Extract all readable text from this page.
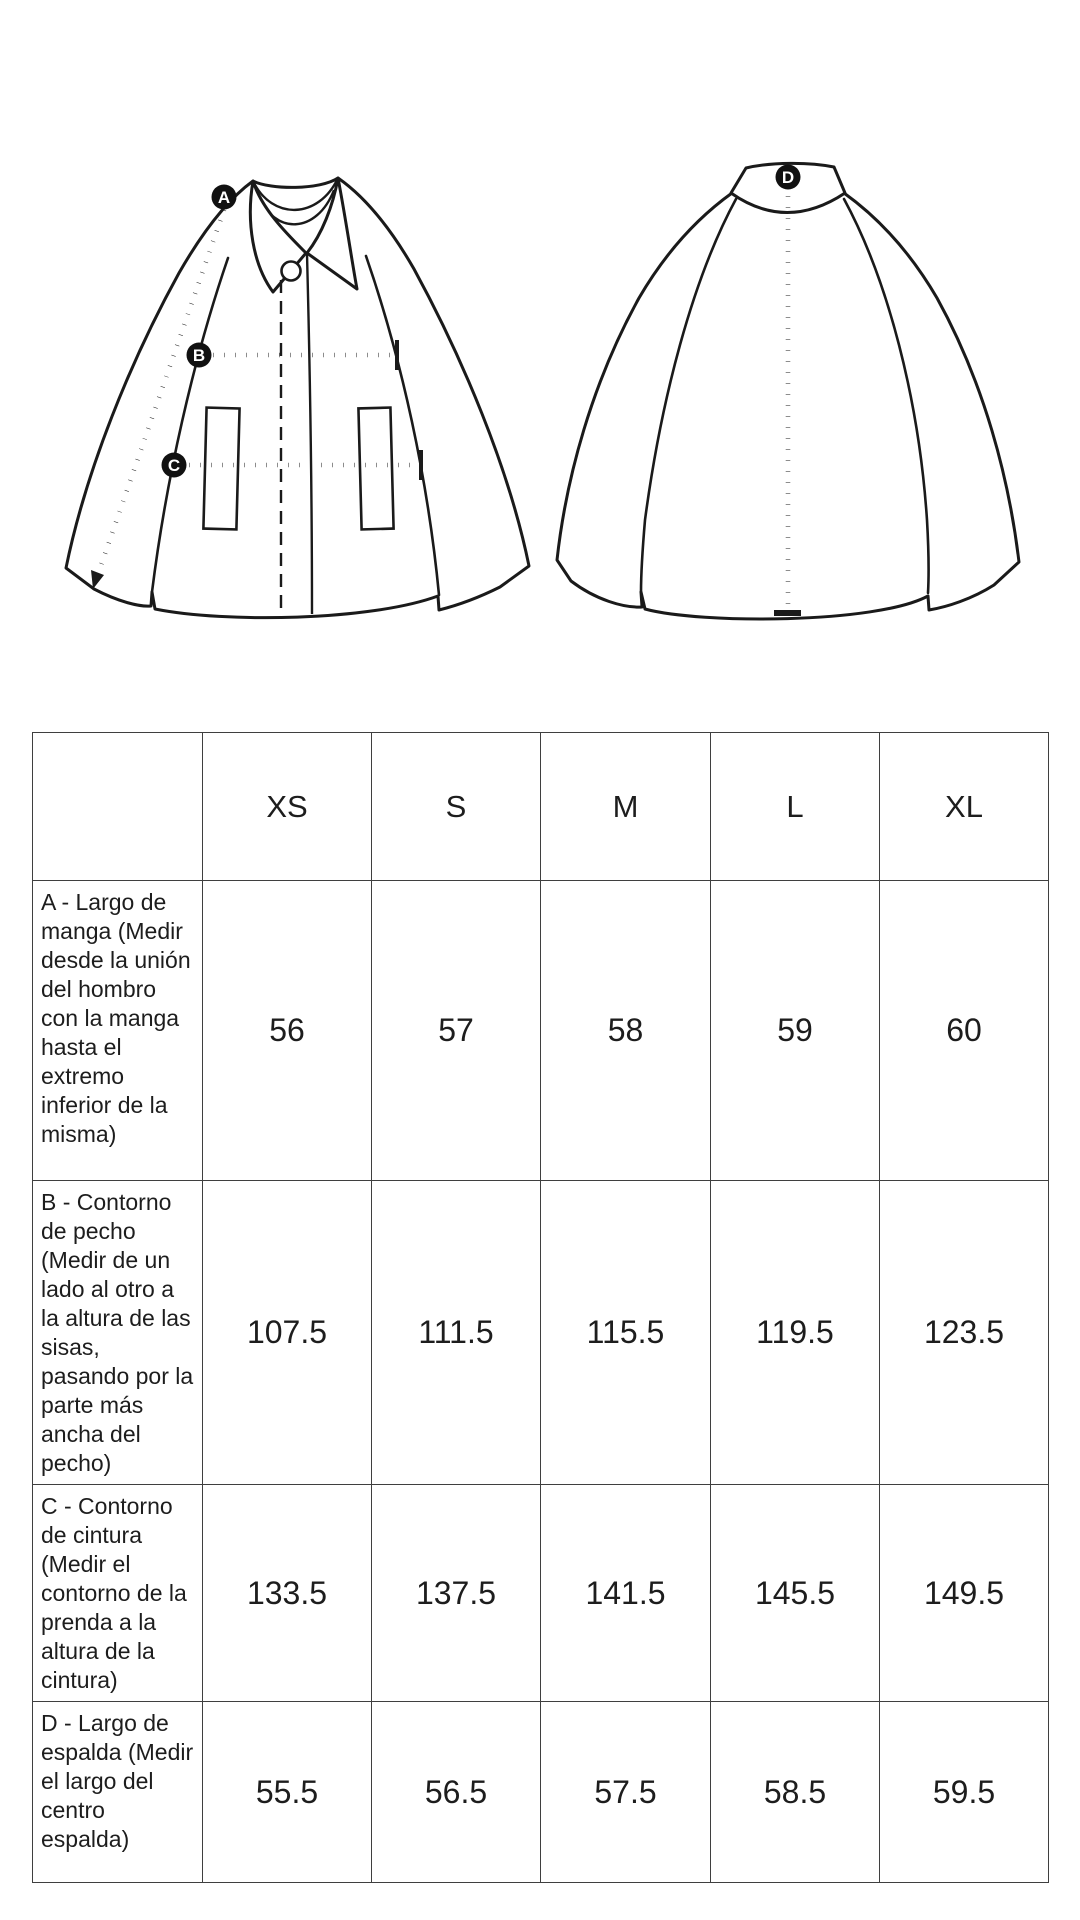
A
B
C
D
	XS	S	M	L	XL
A - Largo de manga (Medir desde la unión del hombro con la manga hasta el extremo inferior de la misma)	56	57	58	59	60
B - Contorno de pecho (Medir de un lado al otro a la altura de las sisas, pasando por la parte más ancha del pecho)	107.5	111.5	115.5	119.5	123.5
C - Contorno de cintura (Medir el contorno de la prenda a la altura de la cintura)	133.5	137.5	141.5	145.5	149.5
D - Largo de espalda (Medir el largo del centro espalda)	55.5	56.5	57.5	58.5	59.5
